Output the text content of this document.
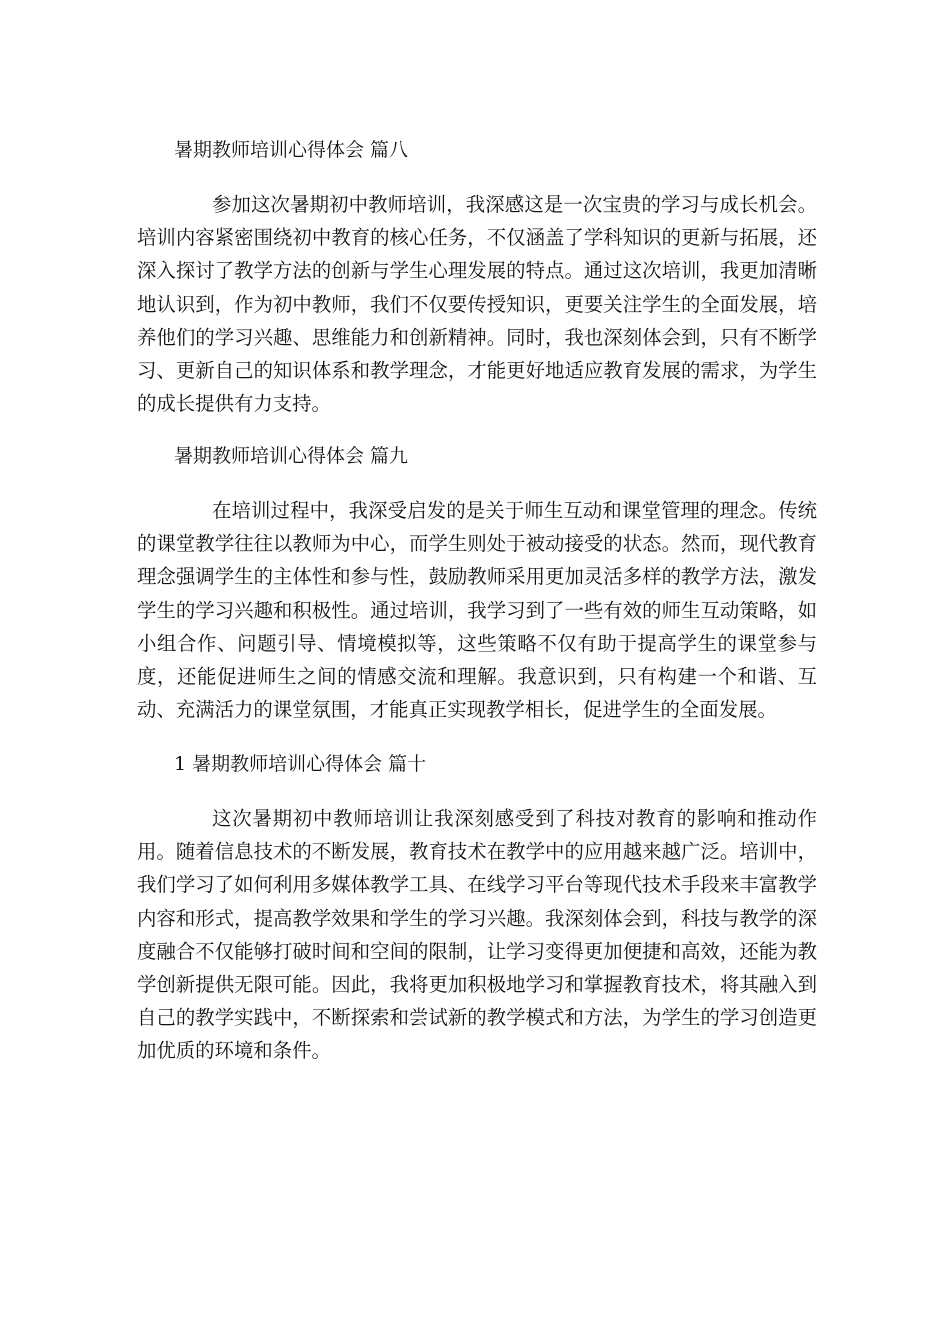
暑期教师培训心得体会 篇八

参加这次暑期初中教师培训，我深感这是一次宝贵的学习与成长机会。培训内容紧密围绕初中教育的核心任务，不仅涵盖了学科知识的更新与拓展，还深入探讨了教学方法的创新与学生心理发展的特点。通过这次培训，我更加清晰地认识到，作为初中教师，我们不仅要传授知识，更要关注学生的全面发展，培养他们的学习兴趣、思维能力和创新精神。同时，我也深刻体会到，只有不断学习、更新自己的知识体系和教学理念，才能更好地适应教育发展的需求，为学生的成长提供有力支持。

暑期教师培训心得体会 篇九

在培训过程中，我深受启发的是关于师生互动和课堂管理的理念。传统的课堂教学往往以教师为中心，而学生则处于被动接受的状态。然而，现代教育理念强调学生的主体性和参与性，鼓励教师采用更加灵活多样的教学方法，激发学生的学习兴趣和积极性。通过培训，我学习到了一些有效的师生互动策略，如小组合作、问题引导、情境模拟等，这些策略不仅有助于提高学生的课堂参与度，还能促进师生之间的情感交流和理解。我意识到，只有构建一个和谐、互动、充满活力的课堂氛围，才能真正实现教学相长，促进学生的全面发展。

1 暑期教师培训心得体会 篇十

这次暑期初中教师培训让我深刻感受到了科技对教育的影响和推动作用。随着信息技术的不断发展，教育技术在教学中的应用越来越广泛。培训中，我们学习了如何利用多媒体教学工具、在线学习平台等现代技术手段来丰富教学内容和形式，提高教学效果和学生的学习兴趣。我深刻体会到，科技与教学的深度融合不仅能够打破时间和空间的限制，让学习变得更加便捷和高效，还能为教学创新提供无限可能。因此，我将更加积极地学习和掌握教育技术，将其融入到自己的教学实践中，不断探索和尝试新的教学模式和方法，为学生的学习创造更加优质的环境和条件。
